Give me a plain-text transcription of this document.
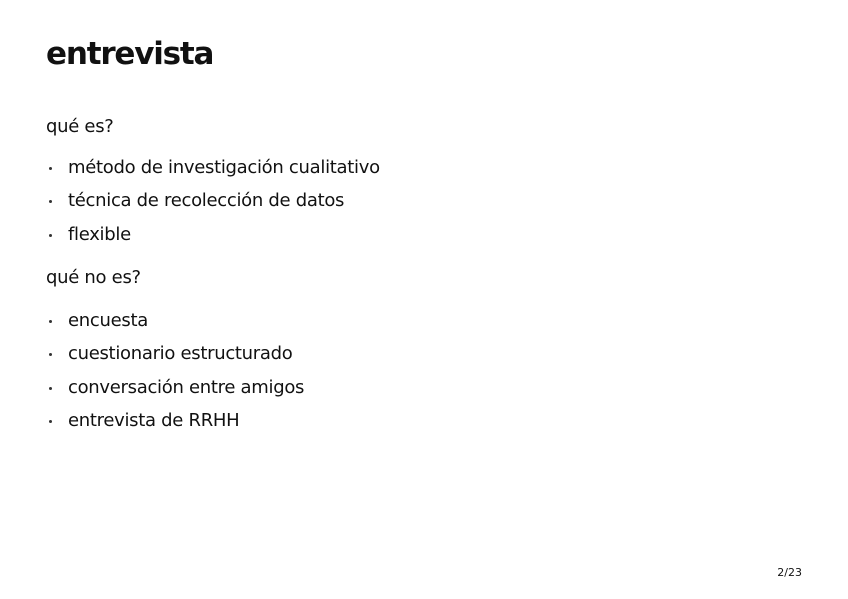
entrevista

qué es?

método de investigación cualitativo
técnica de recolección de datos
flexible

qué no es?

encuesta
cuestionario estructurado
conversación entre amigos
entrevista de RRHH
2/23
